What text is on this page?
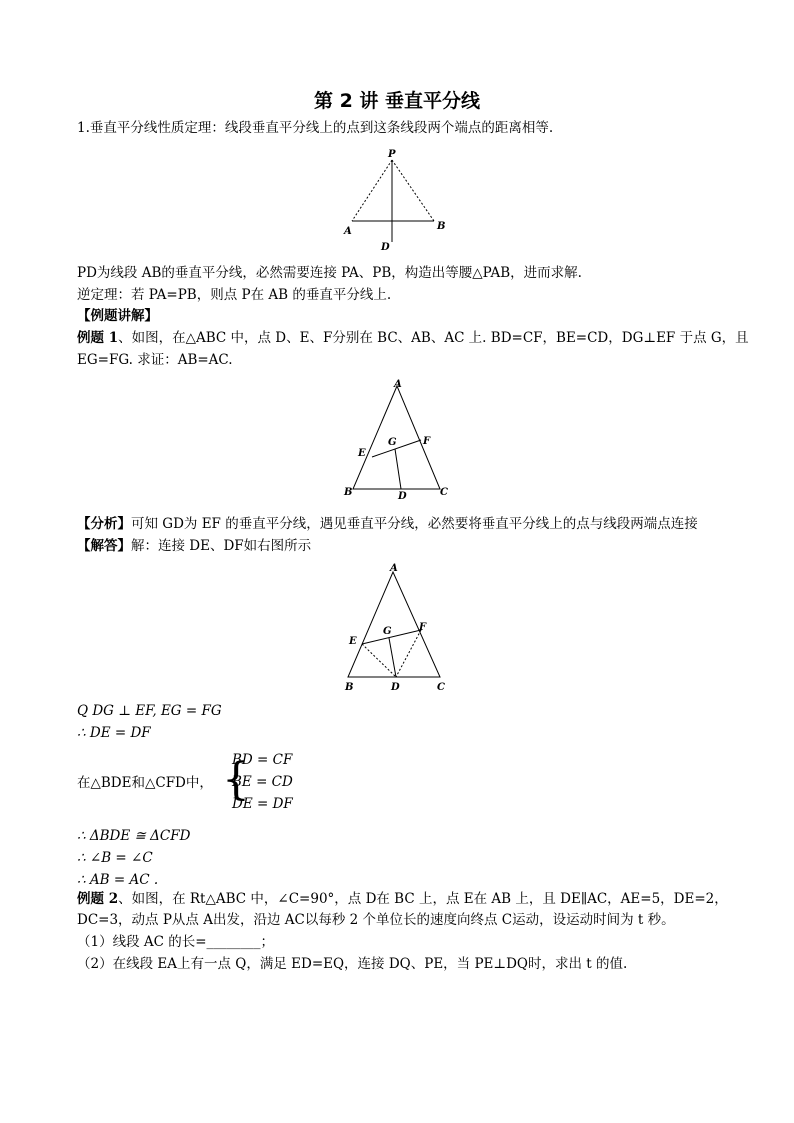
第 2 讲 垂直平分线
1.垂直平分线性质定理：线段垂直平分线上的点到这条线段两个端点的距离相等.
P
A	B
D
PD为线段 AB的垂直平分线，必然需要连接 PA、PB，构造出等腰△PAB，进而求解.
逆定理：若 PA=PB，则点 P在 AB 的垂直平分线上.
【例题讲解】
例题 1、如图，在△ABC 中，点 D、E、F分别在 BC、AB、AC 上. BD=CF，BE=CD，DG⊥EF 于点 G，且
EG=FG. 求证：AB=AC.
A
B	C
D
E
F
G
【分析】可知 GD为 EF 的垂直平分线，遇见垂直平分线，必然要将垂直平分线上的点与线段两端点连接
【解答】解：连接 DE、DF如右图所示
A
B	C
D
E
F
G
Q DG ⊥ EF, EG = FG
∴ DE = DF
在△BDE和△CFD中， {
BD = CF
BE = CD
DE = DF
∴ ΔBDE ≅ ΔCFD
∴ ∠B = ∠C
∴ AB = AC .
例题 2、如图，在 Rt△ABC 中，∠C=90°，点 D在 BC 上，点 E在 AB 上，且 DE∥AC，AE=5，DE=2，
DC=3，动点 P从点 A出发，沿边 AC以每秒 2 个单位长的速度向终点 C运动，设运动时间为 t 秒。
（1）线段 AC 的长=________；
（2）在线段 EA上有一点 Q，满足 ED=EQ，连接 DQ、PE，当 PE⊥DQ时，求出 t 的值.
